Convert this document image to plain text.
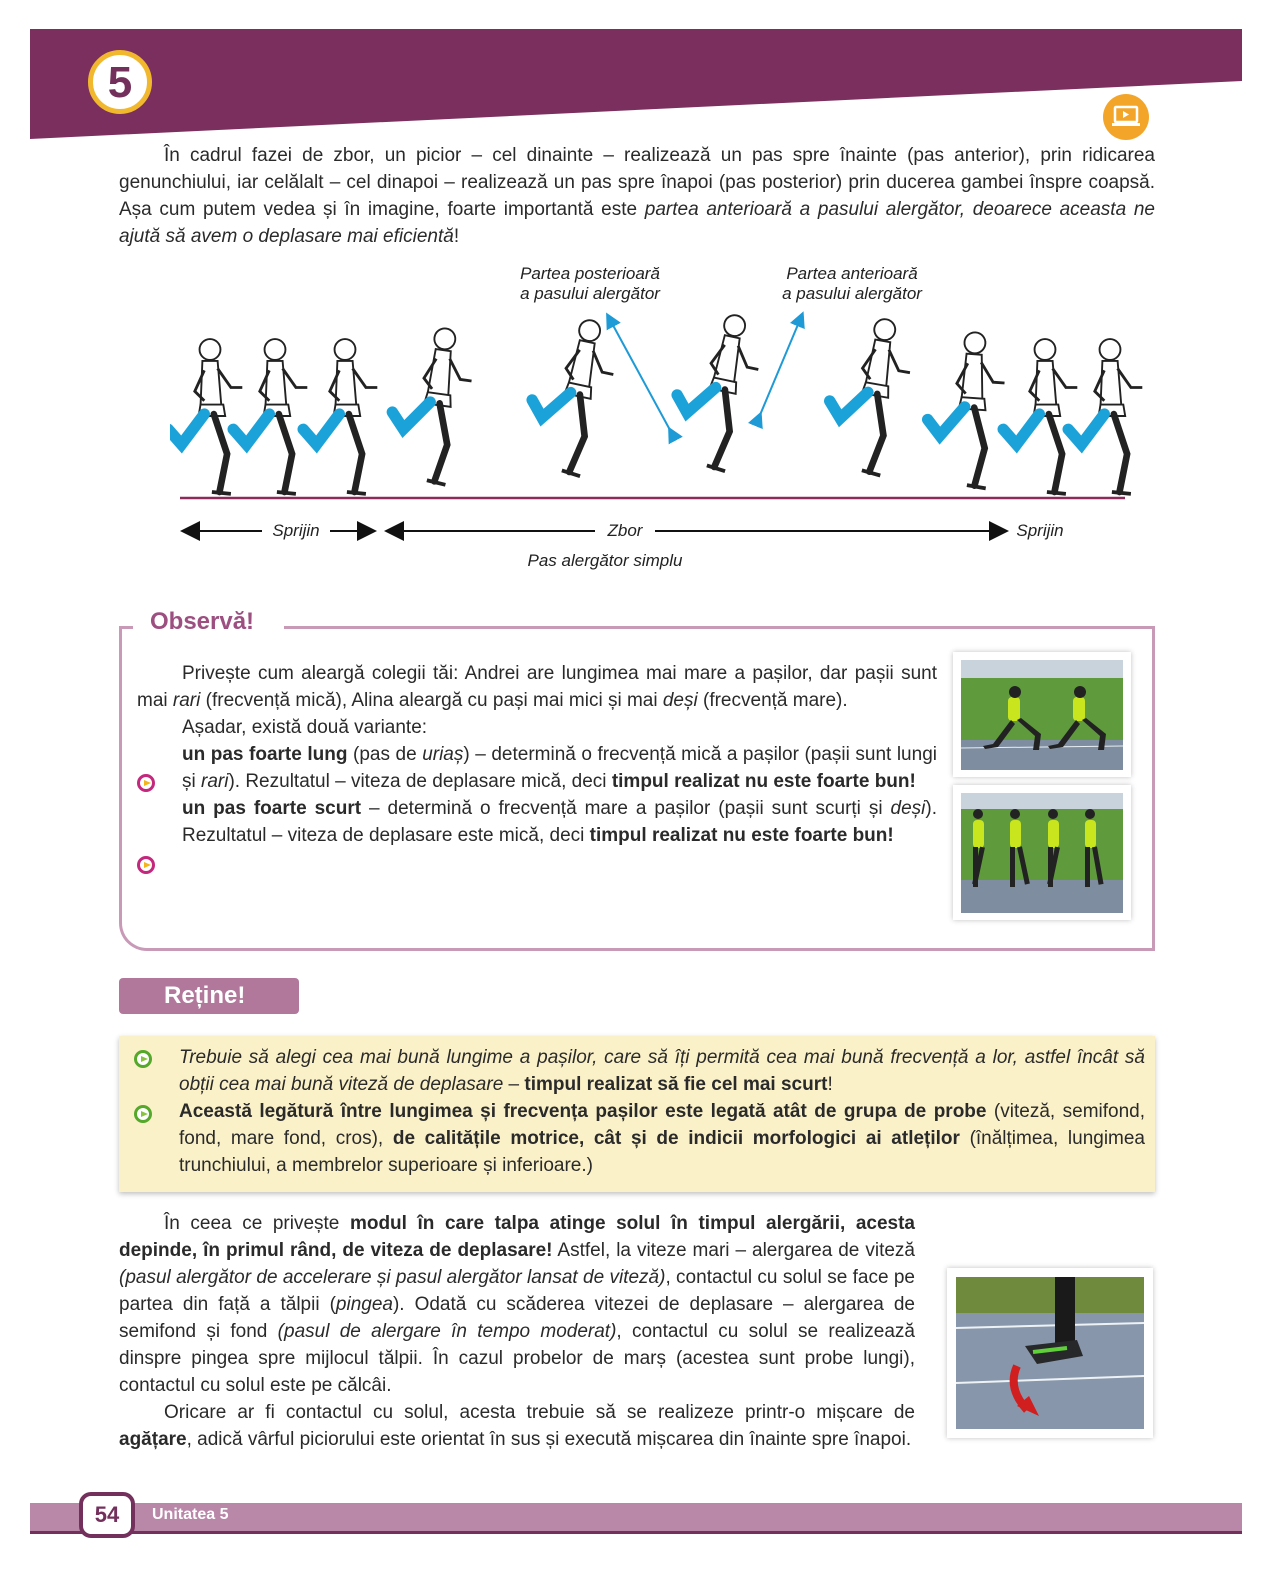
5

În cadrul fazei de zbor, un picior – cel dinainte – realizează un pas spre înainte (pas anterior), prin ridicarea genunchiului, iar celălalt – cel dinapoi – realizează un pas spre înapoi (pas posterior) prin ducerea gambei înspre coapsă. Așa cum putem vedea și în imagine, foarte importantă este partea anterioară a pasului alergător, deoarece aceasta ne ajută să avem o deplasare mai eficientă!

Partea posterioară
a pasului alergător
Partea anterioară
a pasului alergător
Sprijin	Zbor	Sprijin
Pas alergător simplu
Observă!

Privește cum aleargă colegii tăi: Andrei are lungimea mai mare a pașilor, dar pașii sunt mai rari (frecvență mică), Alina aleargă cu pași mai mici și mai deși (frecvență mare).

Așadar, există două variante:

un pas foarte lung (pas de uriaș) – determină o frecvență mică a pașilor (pașii sunt lungi și rari). Rezultatul – viteza de deplasare mică, deci timpul realizat nu este foarte bun!

un pas foarte scurt – determină o frecvență mare a pașilor (pașii sunt scurți și deși). Rezultatul – viteza de deplasare este mică, deci timpul realizat nu este foarte bun!

Reține!

Trebuie să alegi cea mai bună lungime a pașilor, care să îți permită cea mai bună frecvență a lor, astfel încât să obții cea mai bună viteză de deplasare – timpul realizat să fie cel mai scurt!

Această legătură între lungimea și frecvența pașilor este legată atât de grupa de probe (viteză, semifond, fond, mare fond, cros), de calitățile motrice, cât și de indicii morfologici ai atleților (înălțimea, lungimea trunchiului, a membrelor superioare și inferioare.)

În ceea ce privește modul în care talpa atinge solul în timpul alergării, acesta depinde, în primul rând, de viteza de deplasare! Astfel, la viteze mari – alergarea de viteză (pasul alergător de accelerare și pasul alergător lansat de viteză), contactul cu solul se face pe partea din față a tălpii (pingea). Odată cu scăderea vitezei de deplasare – alergarea de semifond și fond (pasul de alergare în tempo moderat), contactul cu solul se realizează dinspre pingea spre mijlocul tălpii. În cazul probelor de marș (acestea sunt probe lungi), contactul cu solul este pe călcâi.

Oricare ar fi contactul cu solul, acesta trebuie să se realizeze printr-o mișcare de agățare, adică vârful piciorului este orientat în sus și execută mișcarea din înainte spre înapoi.

54	Unitatea 5
